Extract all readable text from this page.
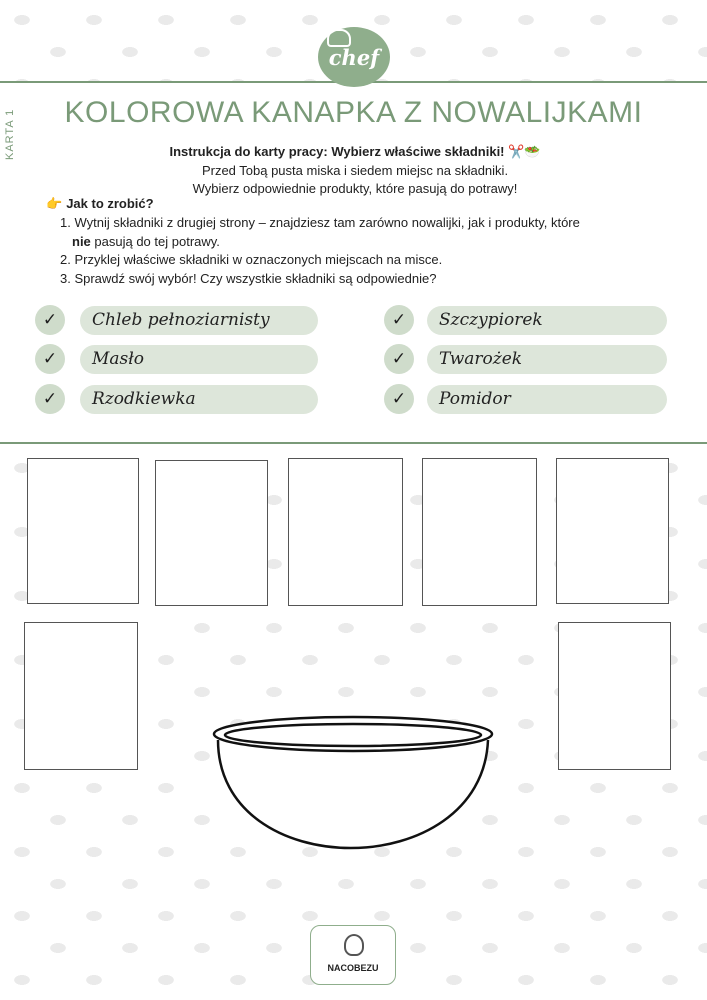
chef
KARTA 1	KOLOROWA KANAPKA Z NOWALIJKAMI
Instrukcja do karty pracy: Wybierz właściwe składniki! ✂️🥗
Przed Tobą pusta miska i siedem miejsc na składniki.
Wybierz odpowiednie produkty, które pasują do potrawy!
👉 Jak to zrobić?
1. Wytnij składniki z drugiej strony – znajdziesz tam zarówno nowalijki, jak i produkty, które
nie pasują do tej potrawy.
2. Przyklej właściwe składniki w oznaczonych miejscach na misce.
3. Sprawdź swój wybór! Czy wszystkie składniki są odpowiednie?
✓	Chleb pełnoziarnisty
✓	Masło
✓	Rzodkiewka
✓	Szczypiorek
✓	Twarożek
✓	Pomidor
NACOBEZU
